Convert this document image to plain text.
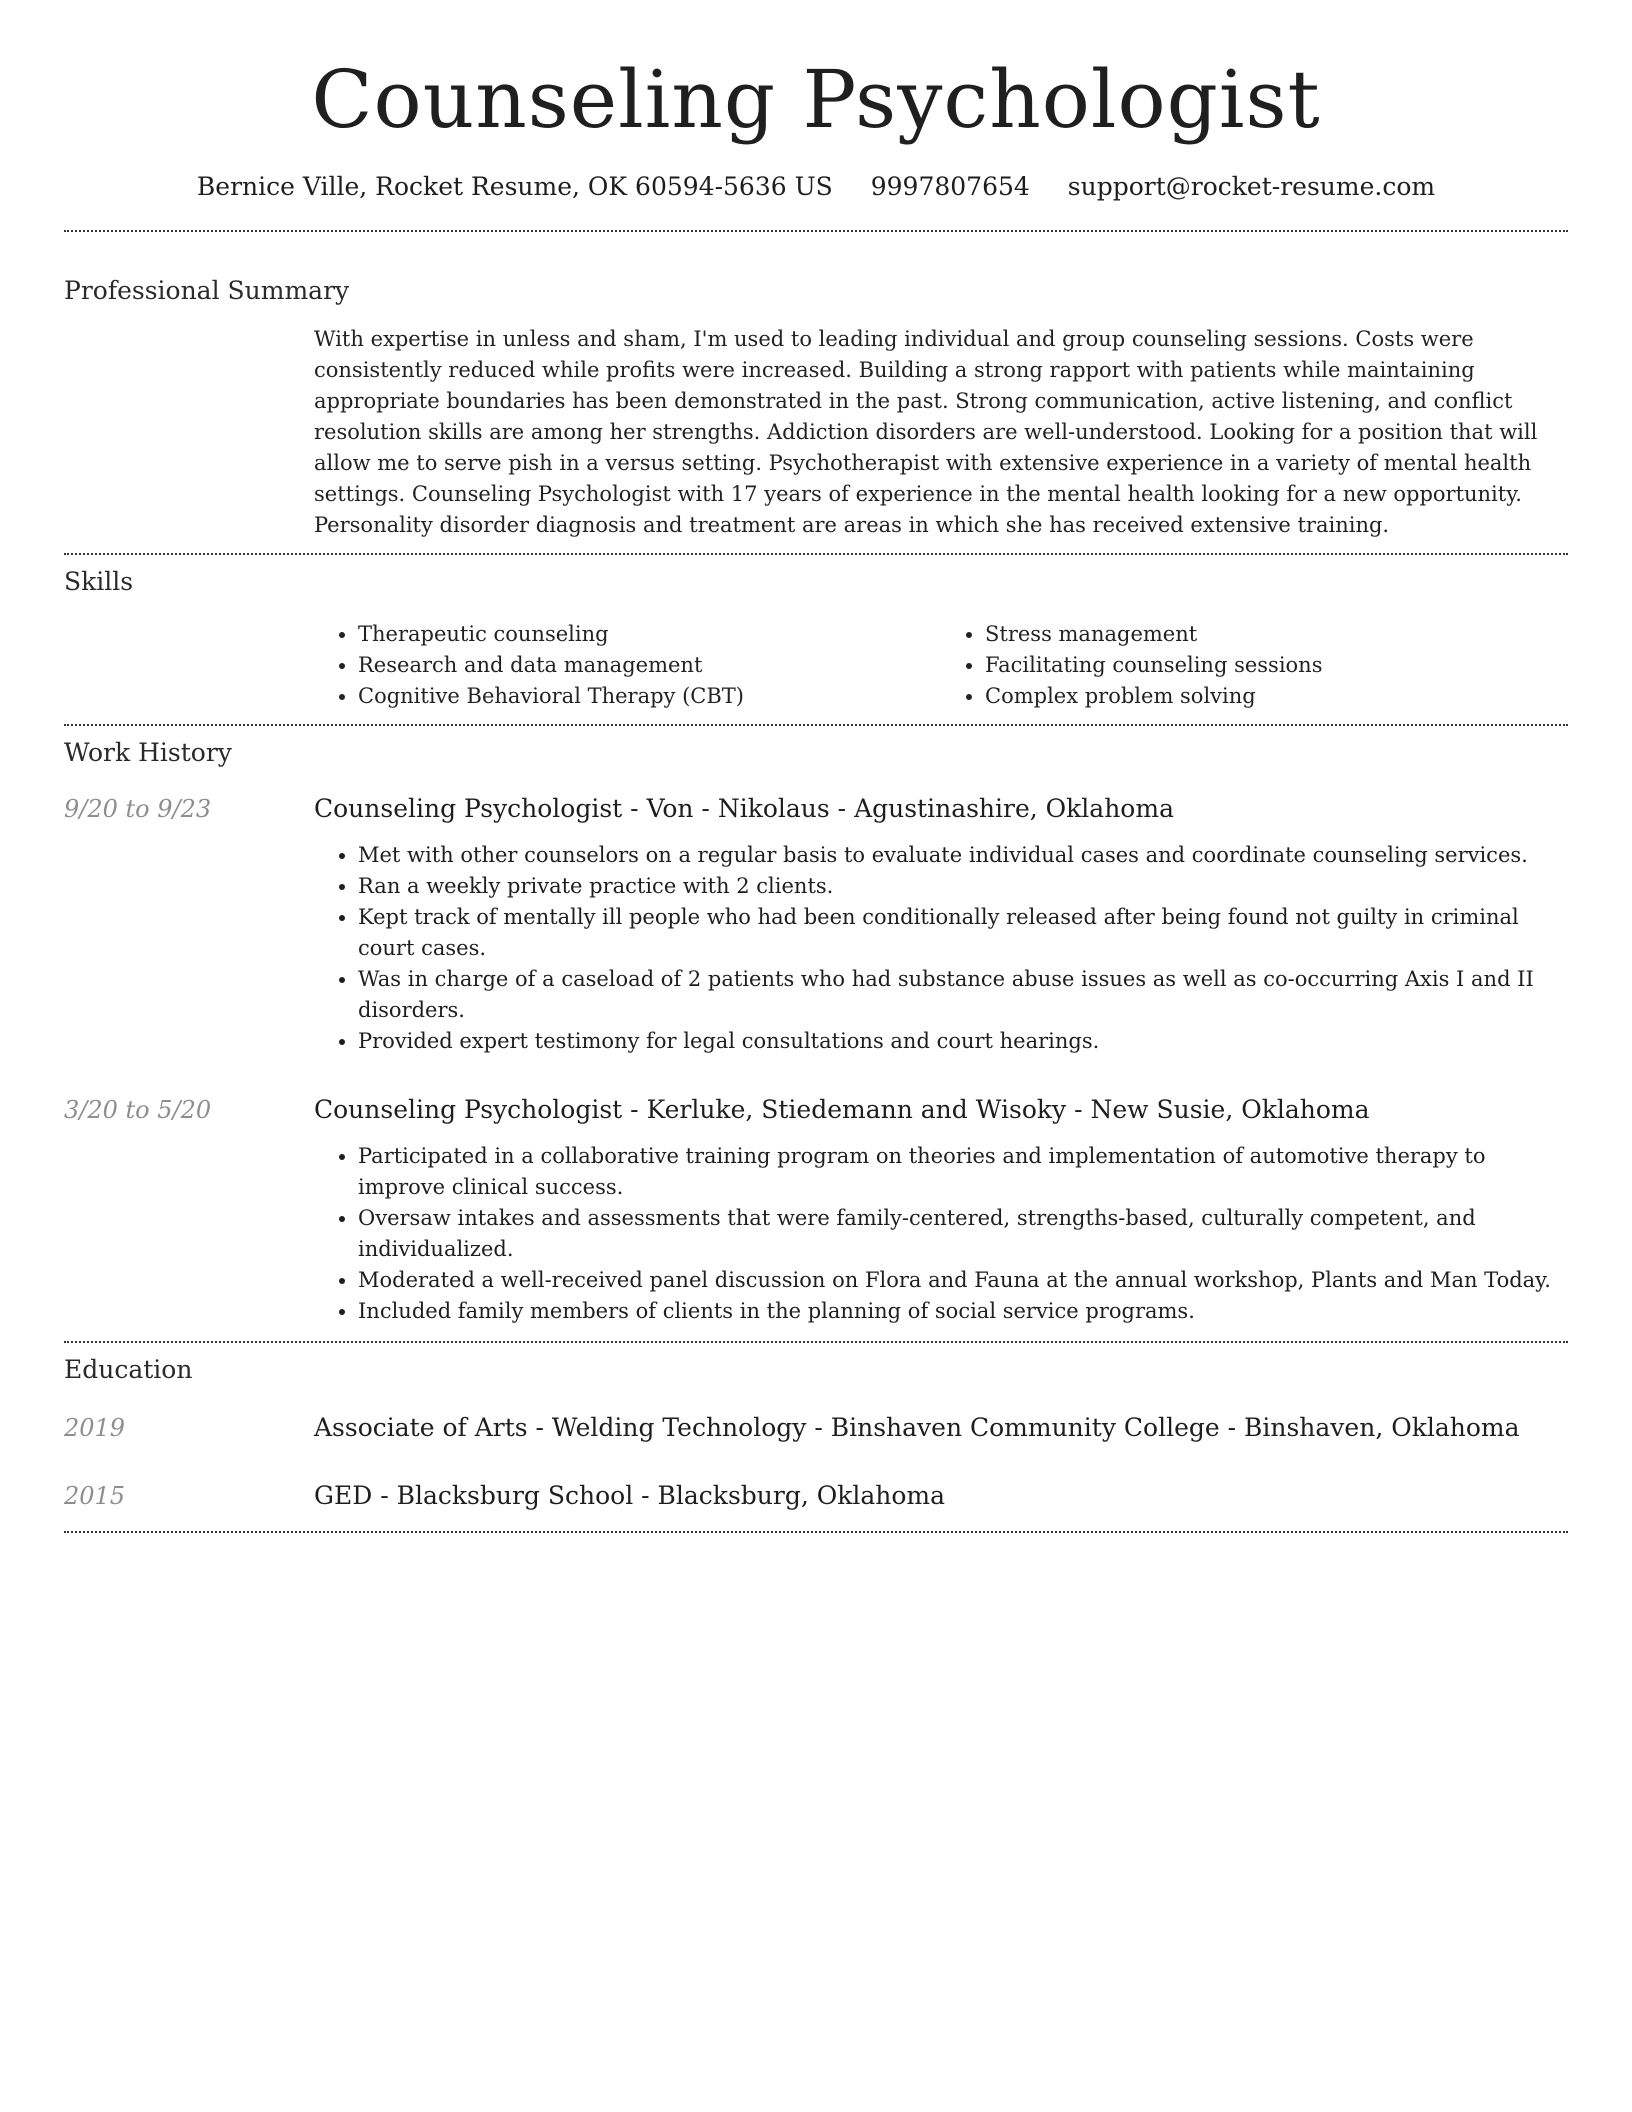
Counseling Psychologist
Bernice Ville, Rocket Resume, OK 60594-5636 US 9997807654 support@rocket-resume.com
Professional Summary

With expertise in unless and sham, I'm used to leading individual and group counseling sessions. Costs were consistently reduced while profits were increased. Building a strong rapport with patients while maintaining appropriate boundaries has been demonstrated in the past. Strong communication, active listening, and conflict resolution skills are among her strengths. Addiction disorders are well-understood. Looking for a position that will allow me to serve pish in a versus setting. Psychotherapist with extensive experience in a variety of mental health settings. Counseling Psychologist with 17 years of experience in the mental health looking for a new opportunity. Personality disorder diagnosis and treatment are areas in which she has received extensive training.

Skills
• Therapeutic counseling
• Research and data management
• Cognitive Behavioral Therapy (CBT)
• Stress management
• Facilitating counseling sessions
• Complex problem solving
Work History
9/20 to 9/23	Counseling Psychologist - Von - Nikolaus - Agustinashire, Oklahoma
• Met with other counselors on a regular basis to evaluate individual cases and coordinate counseling services.
• Ran a weekly private practice with 2 clients.
• Kept track of mentally ill people who had been conditionally released after being found not guilty in criminal court cases.
• Was in charge of a caseload of 2 patients who had substance abuse issues as well as co-occurring Axis I and II disorders.
• Provided expert testimony for legal consultations and court hearings.
3/20 to 5/20	Counseling Psychologist - Kerluke, Stiedemann and Wisoky - New Susie, Oklahoma
• Participated in a collaborative training program on theories and implementation of automotive therapy to improve clinical success.
• Oversaw intakes and assessments that were family-centered, strengths-based, culturally competent, and individualized.
• Moderated a well-received panel discussion on Flora and Fauna at the annual workshop, Plants and Man Today.
• Included family members of clients in the planning of social service programs.
Education
2019	Associate of Arts - Welding Technology - Binshaven Community College - Binshaven, Oklahoma
2015	GED - Blacksburg School - Blacksburg, Oklahoma
